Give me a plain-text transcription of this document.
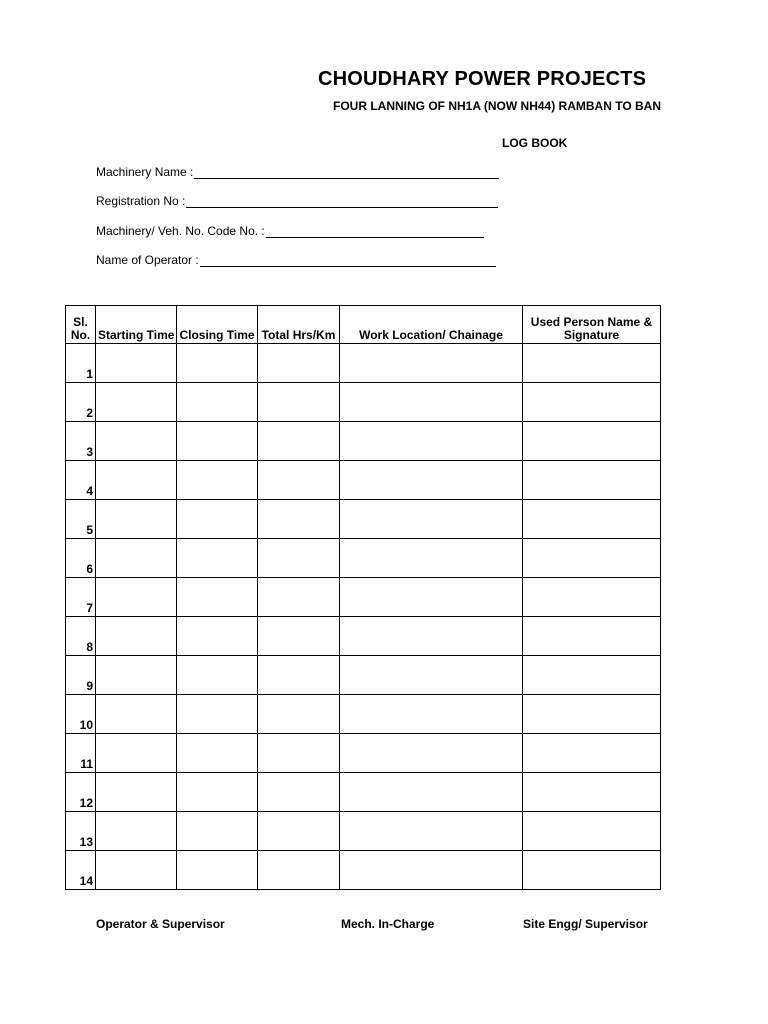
CHOUDHARY POWER PROJECTS
FOUR LANNING OF NH1A (NOW NH44) RAMBAN TO BAN
LOG BOOK
Machinery Name :
Registration No :
Machinery/ Veh. No. Code No. :
Name of Operator :
Sl. No.	Starting Time	Closing Time	Total Hrs/Km	Work Location/ Chainage	Used Person Name & Signature
1					
2					
3					
4					
5					
6					
7					
8					
9					
10					
11					
12					
13					
14					
Operator & Supervisor	Mech. In-Charge	Site Engg/ Supervisor
